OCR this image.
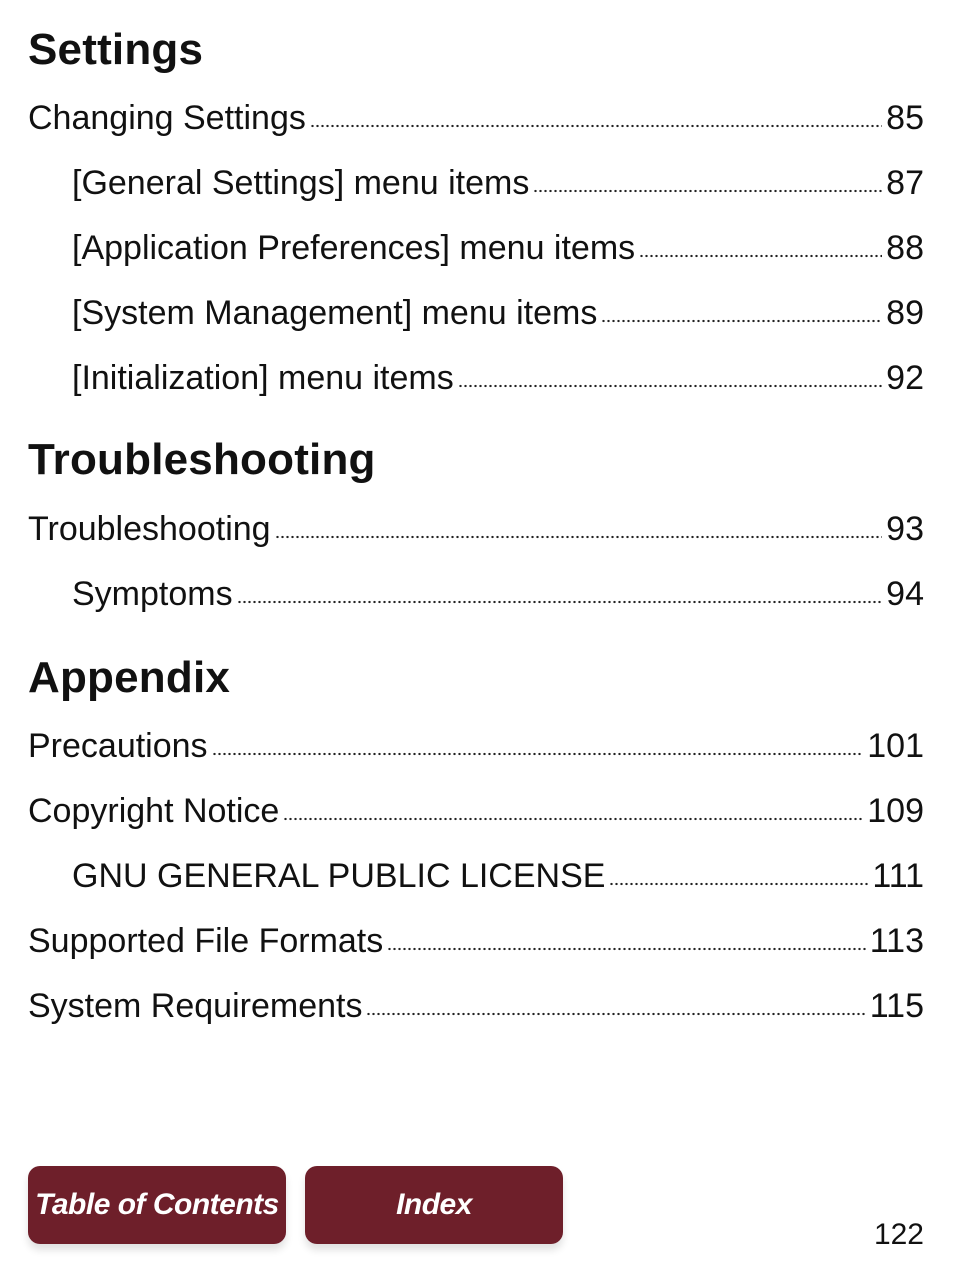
Settings
Changing Settings	85
[General Settings] menu items	87
[Application Preferences] menu items	88
[System Management] menu items	89
[Initialization] menu items	92
Troubleshooting
Troubleshooting	93
Symptoms	94
Appendix
Precautions	101
Copyright Notice	109
GNU GENERAL PUBLIC LICENSE	111
Supported File Formats	113
System Requirements	115
Table of Contents	Index
122
